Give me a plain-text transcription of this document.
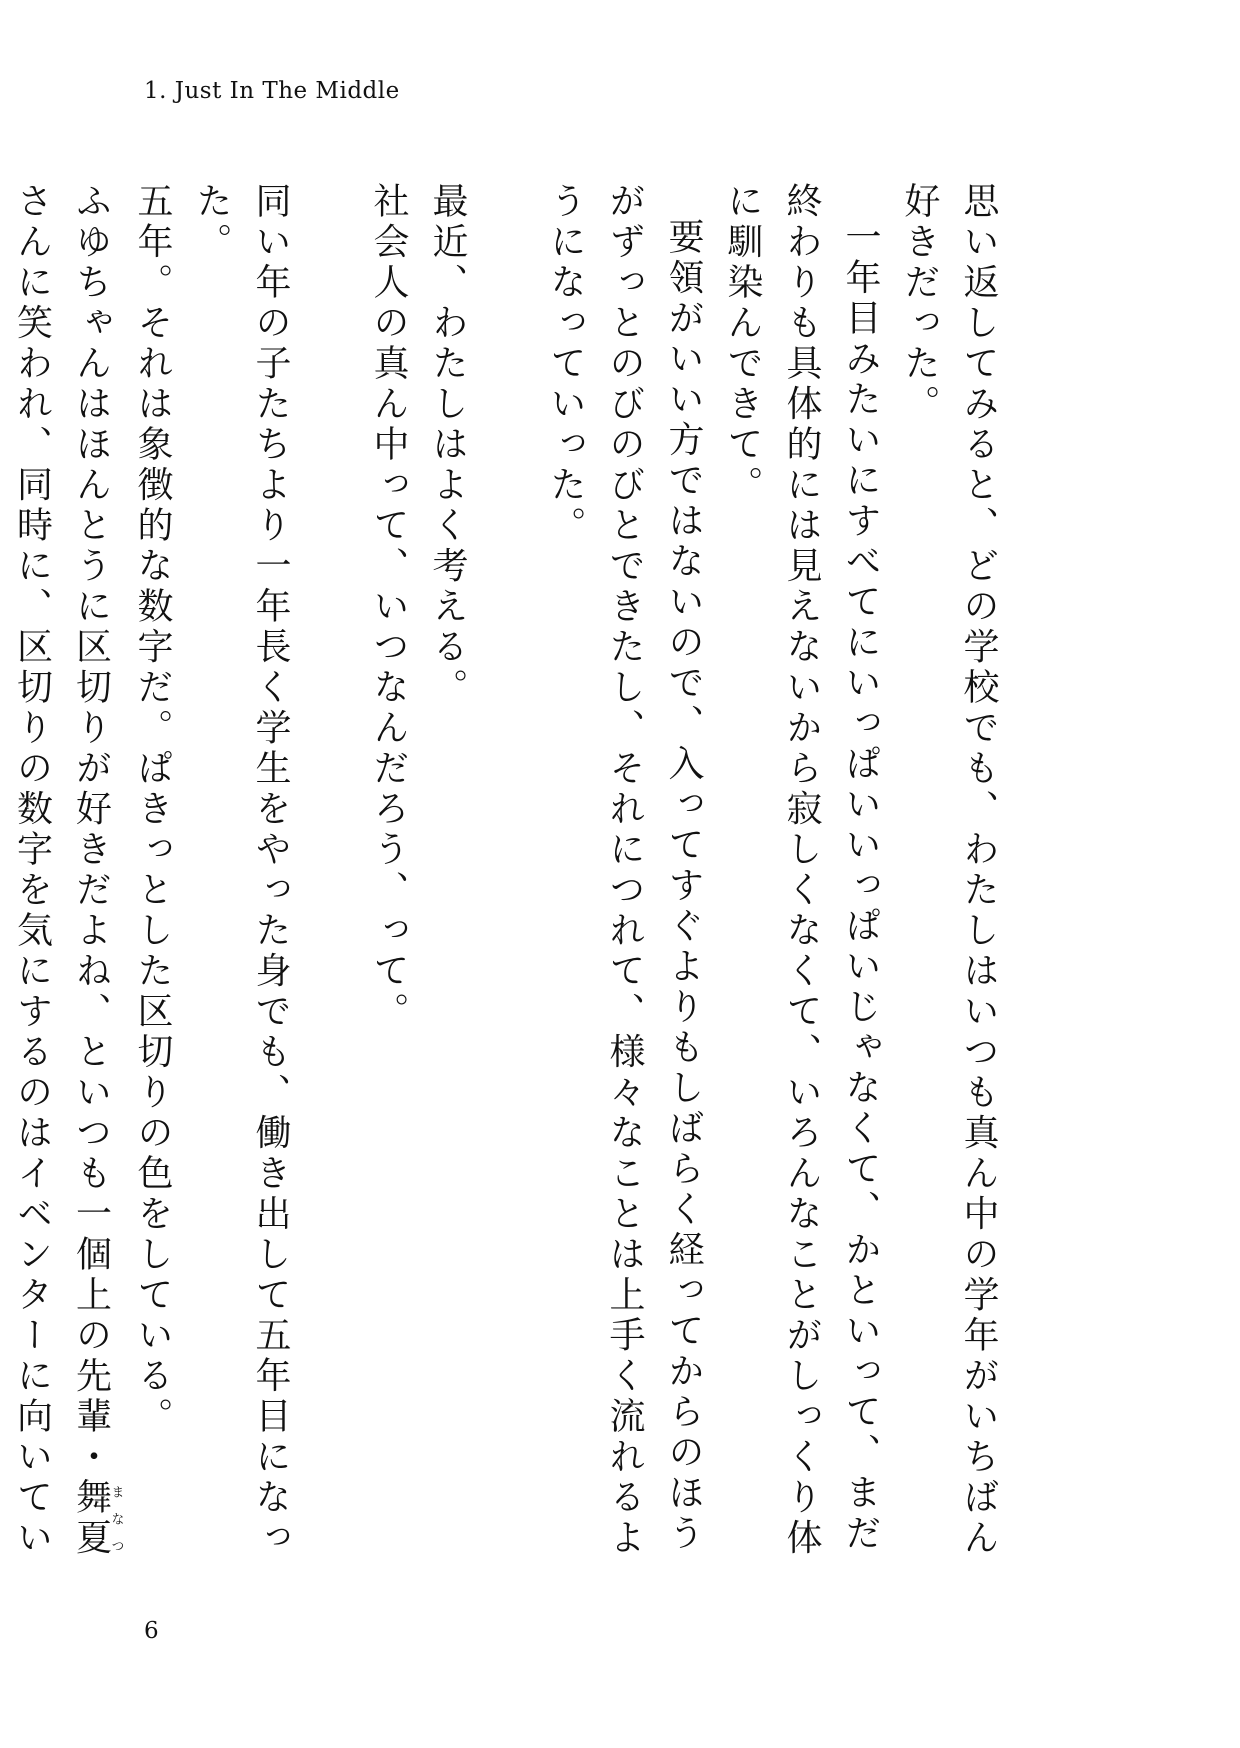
1. Just In The Middle

思い返してみると、どの学校でも、わたしはいつも真ん中の学年がいちばん好きだった。

一年目みたいにすべてにいっぱいいっぱいじゃなくて、かといって、まだ終わりも具体的には見えないから寂しくなくて、いろんなことがしっくり体に馴染んできて。

要領がいい方ではないので、入ってすぐよりもしばらく経ってからのほうがずっとのびのびとできたし、それにつれて、様々なことは上手く流れるようになっていった。

最近、わたしはよく考える。

社会人の真ん中って、いつなんだろう、って。

同い年の子たちより一年長く学生をやった身でも、働き出して五年目になった。

五年。それは象徴的な数字だ。ぱきっとした区切りの色をしている。

ふゆちゃんはほんとうに区切りが好きだよね、といつも一個上の先輩・舞夏まなつさんに笑われ、同時に、区切りの数字を気にするのはイベンターに向いてい

6
